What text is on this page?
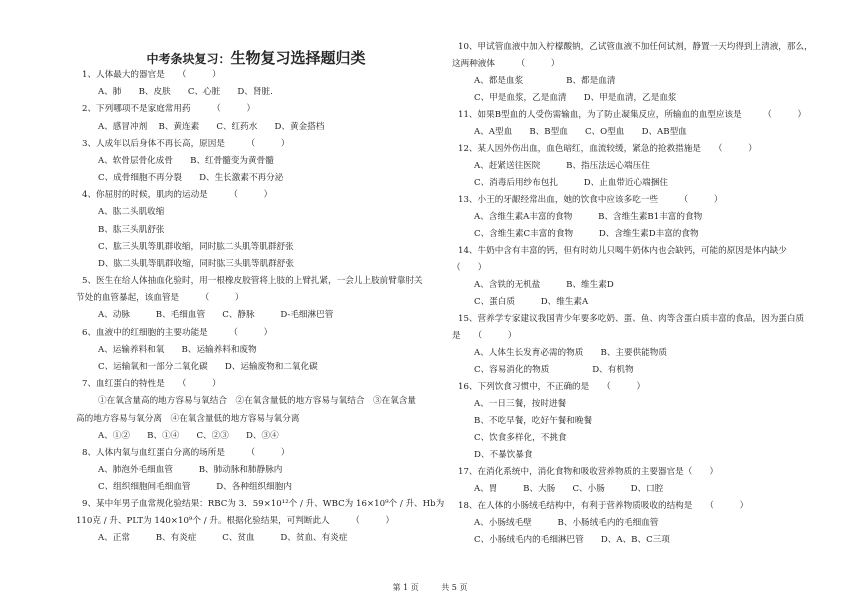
中考条块复习：生物复习选择题归类
1、人体最大的器官是　　（　　　）
A、肺　　B、皮肤　　C、心脏　　D、肾脏.
2、下列哪项不是家庭常用药　　　（　　　）
A、感冒冲剂　 B、黄连素　　C、红药水　　D、黄金搭档
3、人成年以后身体不再长高，原因是　　　（　　　）
A、软骨层骨化成骨　　B、红骨髓变为黄骨髓
C、成骨细胞不再分裂　　D、生长激素不再分泌
4、你屈肘的时候，肌肉的运动是　　　（　　　）
A、肱二头肌收缩
B、肱三头肌舒张
C、肱三头肌等肌群收缩，同时肱二头肌等肌群舒张
D、肱二头肌等肌群收缩，同时肱三头肌等肌群舒张
5、医生在给人体抽血化验时，用一根橡皮胶管将上肢的上臂扎紧，一会儿上肢前臂靠肘关
节处的血管暴起，该血管是　　　（　　　）
A、动脉　　　B、毛细血管　　C、静脉　　　D-毛细淋巴管
6、血液中的红细胞的主要功能是　　　（　　　）
A、运输养料和氧　　B、运输养料和废物
C、运输氧和一部分二氧化碳　　D、运输废物和二氧化碳
7、血红蛋白的特性是　　（　　　）
①在氧含量高的地方容易与氧结合　②在氧含量低的地方容易与氧结合　③在氧含量
高的地方容易与氧分离　④在氧含量低的地方容易与氧分离
A、①②　　B、①④　　C、②③　　D、③④
8、人体内氧与血红蛋白分离的场所是　　　（　　　）
A、肺泡外毛细血管　　　B、肺动脉和肺静脉内
C、组织细胞间毛细血管　　　D、各种组织细胞内
9、某中年男子血常规化验结果：RBC为 3．59×10¹²个 / 升、WBC为 16×10⁹个 / 升、Hb为
110克 / 升、PLT为 140×10⁹个 / 升。根据化验结果，可判断此人　　　（　　　）
A、正常　　　B、有炎症　　　C、贫血　　　D、贫血、有炎症
10、甲试管血液中加入柠檬酸钠，乙试管血液不加任何试剂，静置一天均得到上清液，那么，
这两种液体　　　（　　　）
A、都是血浆　　　　　B、都是血清
C、甲是血浆，乙是血清　　D、甲是血清，乙是血浆
11、如果B型血的人受伤需输血，为了防止凝集反应，所输血的血型应该是　　　（　　　）
A、A型血　　B、B型血　　C、O型血　　D、AB型血
12、某人因外伤出血，血色暗红，血流较缓，紧急的抢救措施是　　（　　　）
A、赶紧送往医院　　　B、指压法远心端压住
C、消毒后用纱布包扎　　　D、止血带近心端捆住
13、小王的牙龈经常出血，她的饮食中应该多吃一些　　　（　　　）
A、含维生素A丰富的食物　　　B、含维生素B1丰富的食物
C、含维生素C丰富的食物　　　D、含维生素D丰富的食物
14、牛奶中含有丰富的钙，但有时幼儿只喝牛奶体内也会缺钙，可能的原因是体内缺少
（　　）
A、含铁的无机盐　　　B、维生素D
C、蛋白质　　　D、维生素A
15、营养学专家建议我国青少年要多吃奶、蛋、鱼、肉等含蛋白质丰富的食品，因为蛋白质
是　　（　　　）
A、人体生长发育必需的物质　　B、主要供能物质
C、容易消化的物质　　　　　D、有机物
16、下列饮食习惯中，不正确的是　　（　　　）
A、一日三餐，按时进餐
B、不吃早餐，吃好午餐和晚餐
C、饮食多样化，不挑食
D、不暴饮暴食
17、在消化系统中，消化食物和吸收营养物质的主要器官是（　　）
A、胃　　　B、大肠　　C、小肠　　　D、口腔
18、在人体的小肠绒毛结构中，有利于营养物质吸收的结构是　　（　　　）
A、小肠绒毛壁　　　B、小肠绒毛内的毛细血管
C、小肠绒毛内的毛细淋巴管　　D、A、B、C三项
第 1 页	共 5 页
